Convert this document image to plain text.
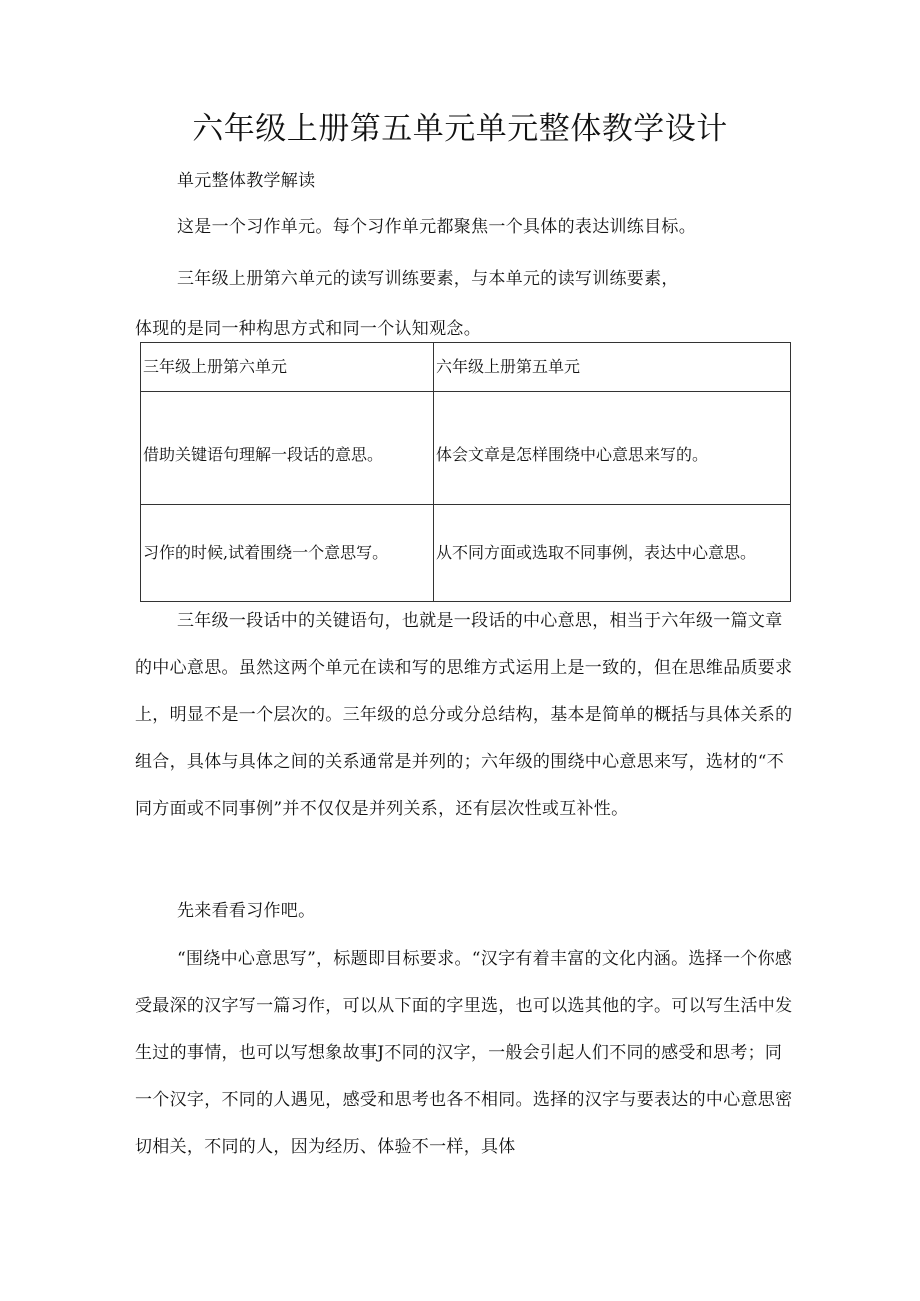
六年级上册第五单元单元整体教学设计
单元整体教学解读
这是一个习作单元。每个习作单元都聚焦一个具体的表达训练目标。
三年级上册第六单元的读写训练要素，与本单元的读写训练要素，
体现的是同一种构思方式和同一个认知观念。
三年级上册第六单元	六年级上册第五单元
借助关键语句理解一段话的意思。	体会文章是怎样围绕中心意思来写的。
习作的时候,试着围绕一个意思写。	从不同方面或选取不同事例，表达中心意思。
三年级一段话中的关键语句，也就是一段话的中心意思，相当于六年级一篇文章的中心意思。虽然这两个单元在读和写的思维方式运用上是一致的，但在思维品质要求上，明显不是一个层次的。三年级的总分或分总结构，基本是简单的概括与具体关系的组合，具体与具体之间的关系通常是并列的；六年级的围绕中心意思来写，选材的“不同方面或不同事例”并不仅仅是并列关系，还有层次性或互补性。
先来看看习作吧。
“围绕中心意思写”，标题即目标要求。“汉字有着丰富的文化内涵。选择一个你感受最深的汉字写一篇习作，可以从下面的字里选，也可以选其他的字。可以写生活中发生过的事情，也可以写想象故事J不同的汉字，一般会引起人们不同的感受和思考；同一个汉字，不同的人遇见，感受和思考也各不相同。选择的汉字与要表达的中心意思密切相关，不同的人，因为经历、体验不一样，具体
